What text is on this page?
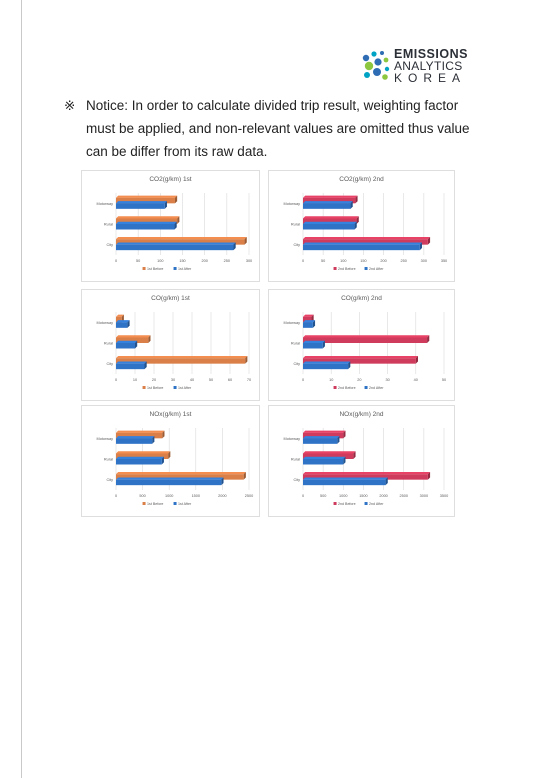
EMISSIONS
ANALYTICS
KOREA
※ Notice: In order to calculate divided trip result, weighting factor
must be applied, and non-relevant values are omitted thus value
can be differ from its raw data.
CO2(g/km) 1st
0	50	100	150	200	250	300
Motorway
Rural
City
1st Before	1st After
CO2(g/km) 2nd
0	50	100	150	200	250	300	350
Motorway
Rural
City
2nd Before	2nd After
CO(g/km) 1st
0	10	20	30	40	50	60	70
Motorway
Rural
City
1st Before	1st After
CO(g/km) 2nd
0	10	20	30	40	50
Motorway
Rural
City
2nd Before	2nd After
NOx(g/km) 1st
0	500	1000	1500	2000	2500
Motorway
Rural
City
1st Before	1st After
NOx(g/km) 2nd
0	500	1000	1500	2000	2500	3000	3500
Motorway
Rural
City
2nd Before	2nd After
